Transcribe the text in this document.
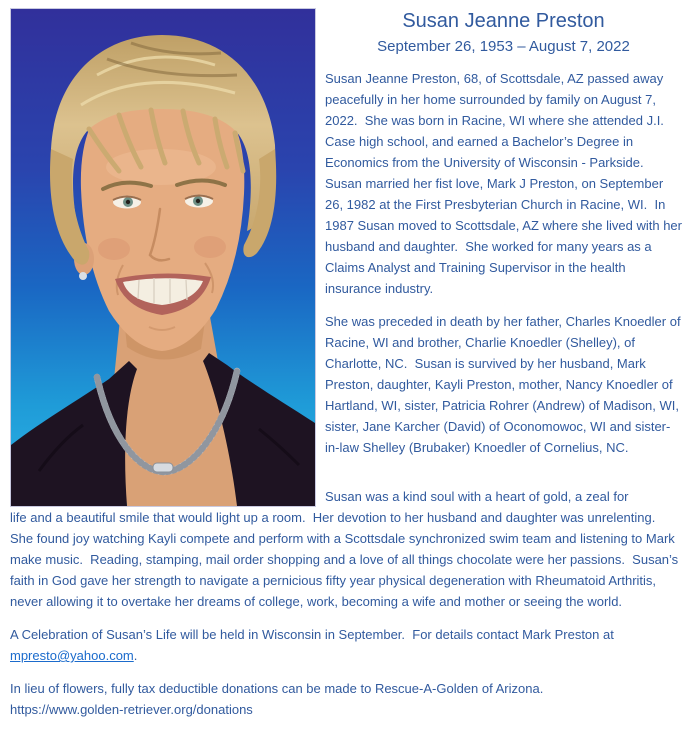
Susan Jeanne Preston
September 26, 1953 – August 7, 2022

Susan Jeanne Preston, 68, of Scottsdale, AZ passed away peacefully in her home surrounded by family on August 7, 2022.  She was born in Racine, WI where she attended J.I. Case high school, and earned a Bachelor’s Degree in Economics from the University of Wisconsin - Parkside.  Susan married her fist love, Mark J Preston, on September 26, 1982 at the First Presbyterian Church in Racine, WI.  In 1987 Susan moved to Scottsdale, AZ where she lived with her husband and daughter.  She worked for many years as a Claims Analyst and Training Supervisor in the health insurance industry.

She was preceded in death by her father, Charles Knoedler of Racine, WI and brother, Charlie Knoedler (Shelley), of Charlotte, NC.  Susan is survived by her husband, Mark Preston, daughter, Kayli Preston, mother, Nancy Knoedler of Hartland, WI, sister, Patricia Rohrer (Andrew) of Madison, WI, sister, Jane Karcher (David) of Oconomowoc, WI and sister-in-law Shelley (Brubaker) Knoedler of Cornelius, NC.

Susan was a kind soul with a heart of gold, a zeal for

life and a beautiful smile that would light up a room.  Her devotion to her husband and daughter was unrelenting.  She found joy watching Kayli compete and perform with a Scottsdale synchronized swim team and listening to Mark make music.  Reading, stamping, mail order shopping and a love of all things chocolate were her passions.  Susan’s faith in God gave her strength to navigate a pernicious fifty year physical degeneration with Rheumatoid Arthritis, never allowing it to overtake her dreams of college, work, becoming a wife and mother or seeing the world.

A Celebration of Susan’s Life will be held in Wisconsin in September.  For details contact Mark Preston at mpresto@yahoo.com.

In lieu of flowers, fully tax deductible donations can be made to Rescue-A-Golden of Arizona.
https://www.golden-retriever.org/donations
